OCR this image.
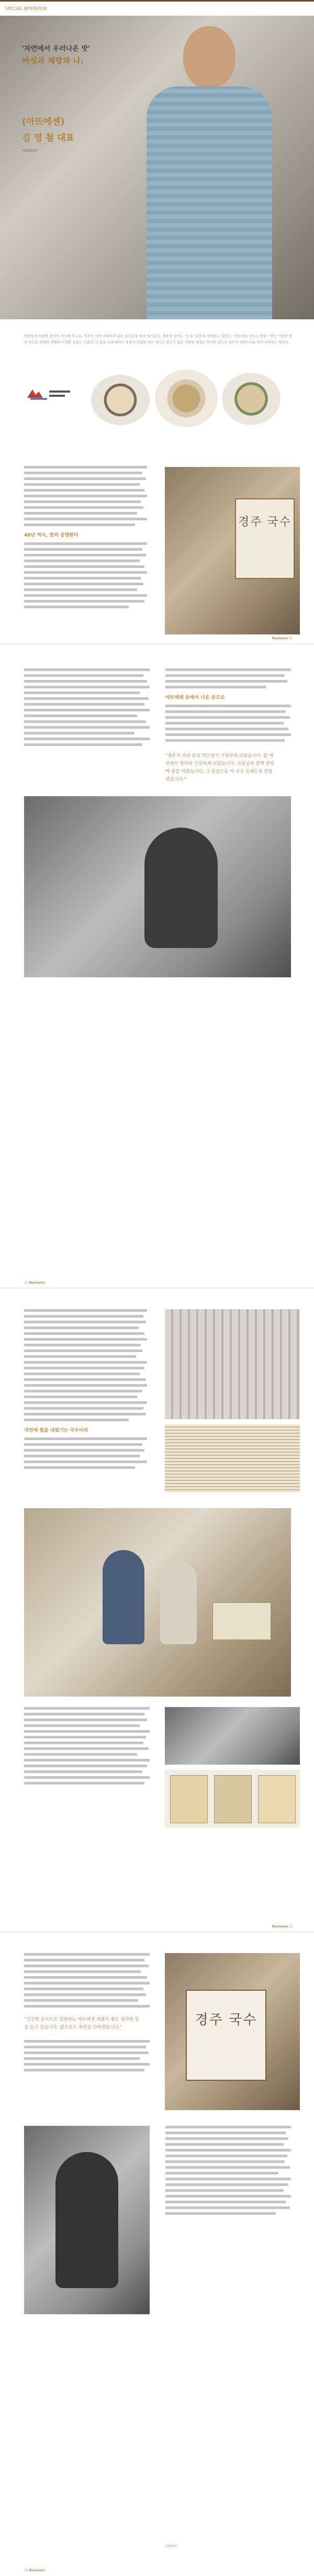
SPECIAL INTERVIEW
'자연에서 우러나온 맛'
버섯과 채망과 나.
(아뜨에센)
김 영 철 대표
*CREDIT
반찬들이 바뀌를 중간의 적시한 목노포. 경주시 서면 아화리의 종은 골목길을 따라 들어갔다. 경주의 살아는 '국'과 '포장'을 판매하고 있었다. '아뜨에서 국으로 밝힌 ' 면이 가장이 좋아 맛으로 유명한 대명에 미정화 포장은 수많의 '고 끝을 소면'에서도 포장의 다양한 대로 적이고 연구기 장을 사랑한 대명은 이러한 맛으로 경주의 자연스러운 맛이 내어주는 맛이다.
40년 역사, 맛의 증명한다
경주 국수
Business 21
아뜨에센 손에서 나온 손으로
"경주가 자라 음식 먹으면서 가정하게 되었습니다. 할 재료에서 찾아와 건강하게 되었습니다. 사장님과 함께 일하며 꿈을 이었습니다. 그 정성으로 이 국수 오래도록 만들겠습니다."
22 Business
자연에 힘을 내렸기는 국수이라
Business 23
"건강한 음식으로 경영하는 아뜨에센 제품이 좋은 평가와 말을 듣고 있습니다. 앞으로도 최선을 다하겠습니다."	경주 국수
CREDIT
24 Business
